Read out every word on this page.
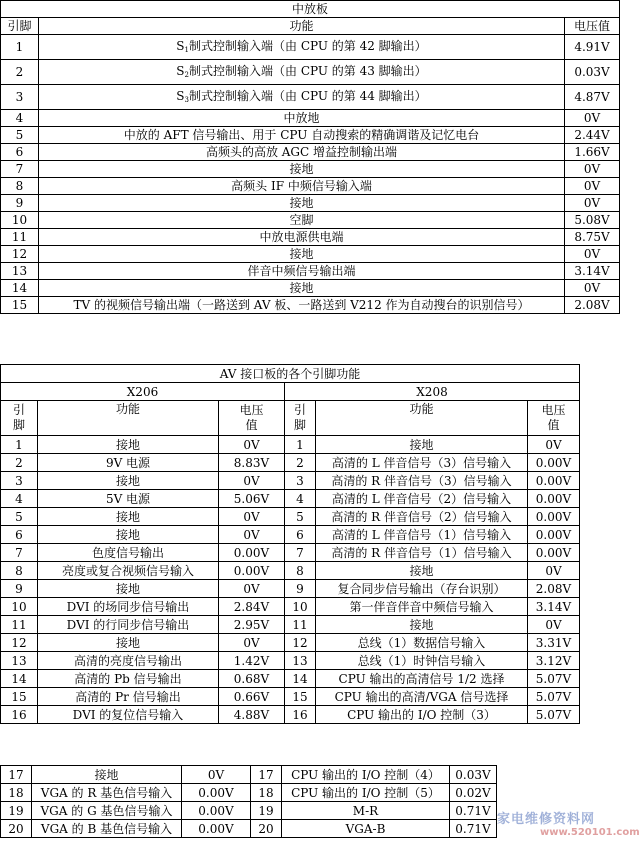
中放板		
引脚	功能	电压值
1	$S_1$制式控制输入端（由 CPU 的第 42 脚输出）	4.91V
2	$S_2$制式控制输入端（由 CPU 的第 43 脚输出）	0.03V
3	$S_3$制式控制输入端（由 CPU 的第 44 脚输出）	4.87V
4	中放地	0V
5	中放的 AFT 信号输出、用于 CPU 自动搜索的精确调谐及记忆电台	2.44V
6	高频头的高放 AGC 增益控制输出端	1.66V
7	接地	0V
8	高频头 IF 中频信号输入端	0V
9	接地	0V
10	空脚	5.08V
11	中放电源供电端	8.75V
12	接地	0V
13	伴音中频信号输出端	3.14V
14	接地	0V
15	TV 的视频信号输出端（一路送到 AV 板、一路送到 V212 作为自动搜台的识别信号）	2.08V
AV 接口板的各个引脚功能					
X206			X208		
引脚	功能	电压值	引脚	功能	电压值
1	接地	0V	1	接地	0V
2	9V 电源	8.83V	2	高清的 L 伴音信号（3）信号输入	0.00V
3	接地	0V	3	高清的 R 伴音信号（3）信号输入	0.00V
4	5V 电源	5.06V	4	高清的 L 伴音信号（2）信号输入	0.00V
5	接地	0V	5	高清的 R 伴音信号（2）信号输入	0.00V
6	接地	0V	6	高清的 L 伴音信号（1）信号输入	0.00V
7	色度信号输出	0.00V	7	高清的 R 伴音信号（1）信号输入	0.00V
8	亮度或复合视频信号输入	0.00V	8	接地	0V
9	接地	0V	9	复合同步信号输出（存台识别）	2.08V
10	DVI 的场同步信号输出	2.84V	10	第一伴音伴音中频信号输入	3.14V
11	DVI 的行同步信号输出	2.95V	11	接地	0V
12	接地	0V	12	总线（1）数据信号输入	3.31V
13	高清的亮度信号输出	1.42V	13	总线（1）时钟信号输入	3.12V
14	高清的 Pb 信号输出	0.68V	14	CPU 输出的高清信号 1/2 选择	5.07V
15	高清的 Pr 信号输出	0.66V	15	CPU 输出的高清/VGA 信号选择	5.07V
16	DVI 的复位信号输入	4.88V	16	CPU 输出的 I/O 控制（3）	5.07V
17	接地	0V	17	CPU 输出的 I/O 控制（4）	0.03V
18	VGA 的 R 基色信号输入	0.00V	18	CPU 输出的 I/O 控制（5）	0.02V
19	VGA 的 G 基色信号输入	0.00V	19	M-R	0.71V
20	VGA 的 B 基色信号输入	0.00V	20	VGA-B	0.71V
家电维修资料网
www.520101.com
